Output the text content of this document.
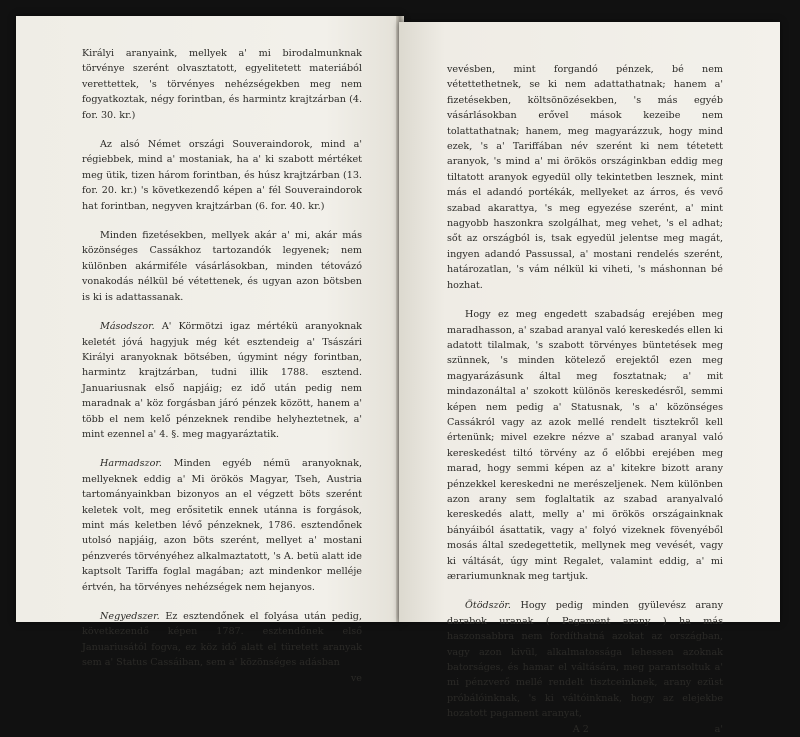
Királyi aranyaink, mellyek a' mi birodalmunknak törvénye szerént olvasztatott, egyelitetett materiából verettettek, 's törvényes nehézségekben meg nem fogyatkoztak, négy forintban, és harmintz krajtzárban (4. for. 30. kr.)

Az alsó Német országi Souveraindorok, mind a' régiebbek, mind a' mostaniak, ha a' ki szabott mértéket meg ütik, tizen három forintban, és húsz krajtzárban (13. for. 20. kr.) 's következendő képen a' fél Souveraindorok hat forintban, negyven krajtzárban (6. for. 40. kr.)

Minden fizetésekben, mellyek akár a' mi, akár más közönséges Cassákhoz tartozandók legyenek; nem különben akármiféle vásárlásokban, minden tétovázó vonakodás nélkül bé vétettenek, és ugyan azon bötsben is ki is adattassanak.

Másodszor. A' Körmötzi igaz mértékü aranyoknak keletét jóvá hagyjuk még két esztendeig a' Tsászári Királyi aranyoknak bötsében, úgymint négy forintban, harmintz krajtzárban, tudni illik 1788. esztend. Januariusnak első napjáig; ez idő után pedig nem maradnak a' köz forgásban járó pénzek között, hanem a' több el nem kelő pénzeknek rendibe helyheztetnek, a' mint ezennel a' 4. §. meg magyaráztatik.

Harmadszor. Minden egyéb némü aranyoknak, mellyeknek eddig a' Mi örökös Magyar, Tseh, Austria tartományainkban bizonyos an el végzett böts szerént keletek volt, meg erősitetik ennek utánna is forgások, mint más keletben lévő pénzeknek, 1786. esztendőnek utolsó napjáig, azon böts szerént, mellyet a' mostani pénzverés törvényéhez alkalmaztatott, 's A. betü alatt ide kaptsolt Tariffa foglal magában; azt mindenkor melléje értvén, ha törvényes nehézségek nem hejanyos.

Negyedszer. Ez esztendőnek el folyása után pedig, következendő képen 1787. esztendőnek első Januariusától fogva, ez köz idő alatt el türetett aranyak sem a' Status Cassáiban, sem a' közönséges adásban

ve

vevésben, mint forgandó pénzek, bé nem vétettethetnek, se ki nem adattathatnak; hanem a' fizetésekben, költsönözésekben, 's más egyéb vásárlásokban erővel mások kezeibe nem tolattathatnak; hanem, meg magyarázzuk, hogy mind ezek, 's a' Tariffában név szerént ki nem tétetett aranyok, 's mind a' mi örökös országinkban eddig meg tiltatott aranyok egyedül olly tekintetben lesznek, mint más el adandó portékák, mellyeket az árros, és vevő szabad akarattya, 's meg egyezése szerént, a' mint nagyobb haszonkra szolgálhat, meg vehet, 's el adhat; sőt az országból is, tsak egyedül jelentse meg magát, ingyen adandó Passussal, a' mostani rendelés szerént, határozatlan, 's vám nélkül ki viheti, 's máshonnan bé hozhat.

Hogy ez meg engedett szabadság erejében meg maradhasson, a' szabad aranyal való kereskedés ellen ki adatott tilalmak, 's szabott törvényes büntetések meg szünnek, 's minden kötelező erejektől ezen meg magyarázásunk által meg fosztatnak; a' mit mindazonáltal a' szokott különös kereskedésről, semmi képen nem pedig a' Statusnak, 's a' közönséges Cassákról vagy az azok mellé rendelt tisztekről kell értenünk; mivel ezekre nézve a' szabad aranyal való kereskedést tiltó törvény az ő előbbi erejében meg marad, hogy semmi képen az a' kitekre bizott arany pénzekkel kereskedni ne merészeljenek. Nem különben azon arany sem foglaltatik az szabad aranyalvaló kereskedés alatt, melly a' mi örökös országainknak bányáiból ásattatik, vagy a' folyó vizeknek fövenyéből mosás által szedegettetik, mellynek meg vevését, vagy ki váltását, úgy mint Regalet, valamint eddig, a' mi ærariumunknak meg tartjuk.

Ötödször. Hogy pedig minden gyülevész arany darabok uranak ( Pagament arany ) ha más haszonsabbra nem fordíthatná azokat az országban, vagy azon kivül, alkalmatossága lehessen azoknak batorságes, és hamar el váltására, meg parantsoltuk a' mi pénzverő mellé rendelt tisztceinknek, arany ezüst próbálóinknak, 's ki váltóinknak, hogy az elejekbe hozatott pagament aranyat,

A 2	a'
